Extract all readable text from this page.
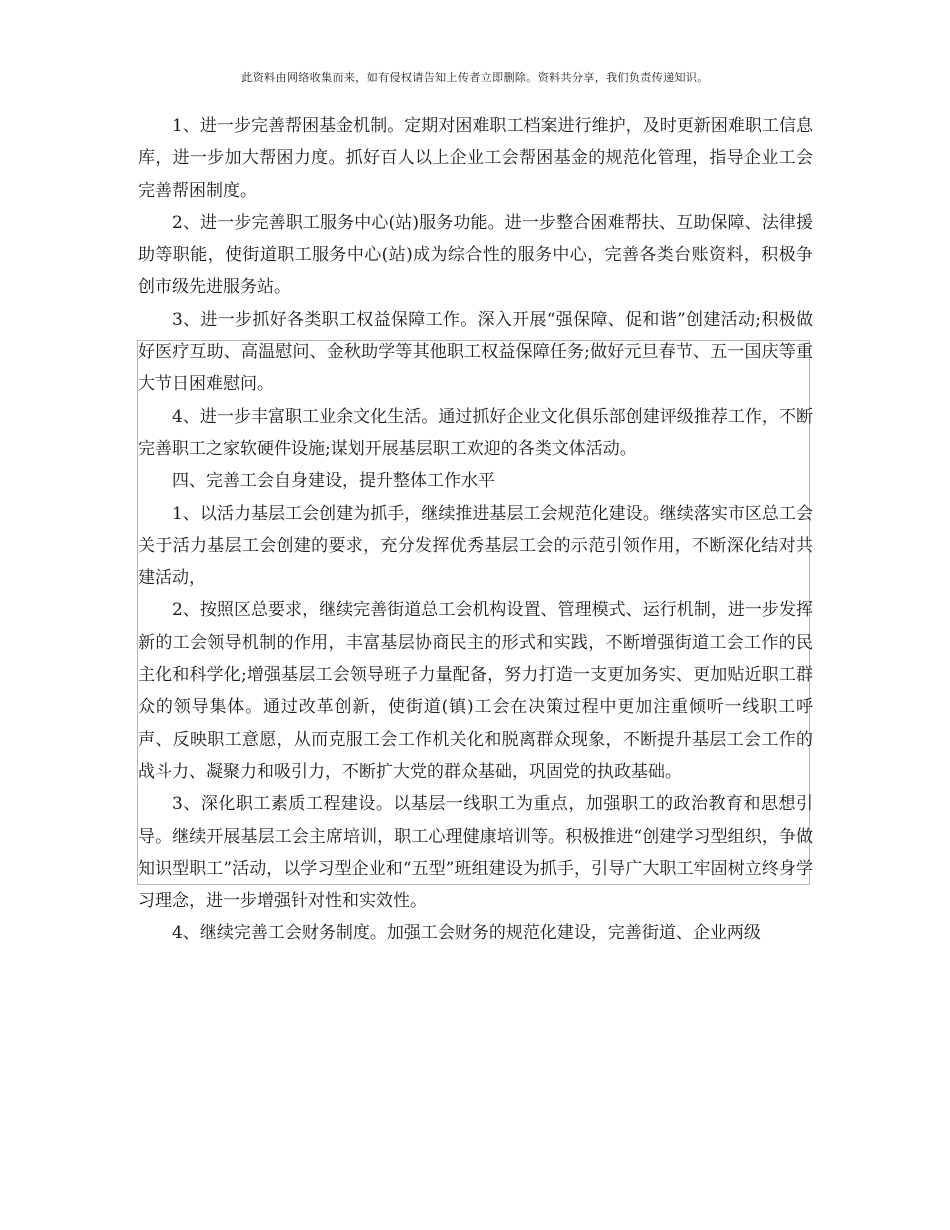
此资料由网络收集而来，如有侵权请告知上传者立即删除。资料共分享，我们负责传递知识。

1、进一步完善帮困基金机制。定期对困难职工档案进行维护，及时更新困难职工信息库，进一步加大帮困力度。抓好百人以上企业工会帮困基金的规范化管理，指导企业工会完善帮困制度。

2、进一步完善职工服务中心(站)服务功能。进一步整合困难帮扶、互助保障、法律援助等职能，使街道职工服务中心(站)成为综合性的服务中心，完善各类台账资料，积极争创市级先进服务站。

3、进一步抓好各类职工权益保障工作。深入开展“强保障、促和谐”创建活动;积极做好医疗互助、高温慰问、金秋助学等其他职工权益保障任务;做好元旦春节、五一国庆等重大节日困难慰问。

4、进一步丰富职工业余文化生活。通过抓好企业文化俱乐部创建评级推荐工作，不断完善职工之家软硬件设施;谋划开展基层职工欢迎的各类文体活动。

四、完善工会自身建设，提升整体工作水平

1、以活力基层工会创建为抓手，继续推进基层工会规范化建设。继续落实市区总工会关于活力基层工会创建的要求，充分发挥优秀基层工会的示范引领作用，不断深化结对共建活动，

2、按照区总要求，继续完善街道总工会机构设置、管理模式、运行机制，进一步发挥新的工会领导机制的作用，丰富基层协商民主的形式和实践，不断增强街道工会工作的民主化和科学化;增强基层工会领导班子力量配备，努力打造一支更加务实、更加贴近职工群众的领导集体。通过改革创新，使街道(镇)工会在决策过程中更加注重倾听一线职工呼声、反映职工意愿，从而克服工会工作机关化和脱离群众现象，不断提升基层工会工作的战斗力、凝聚力和吸引力，不断扩大党的群众基础，巩固党的执政基础。

3、深化职工素质工程建设。以基层一线职工为重点，加强职工的政治教育和思想引导。继续开展基层工会主席培训，职工心理健康培训等。积极推进“创建学习型组织，争做知识型职工”活动，以学习型企业和“五型”班组建设为抓手，引导广大职工牢固树立终身学习理念，进一步增强针对性和实效性。

4、继续完善工会财务制度。加强工会财务的规范化建设，完善街道、企业两级
